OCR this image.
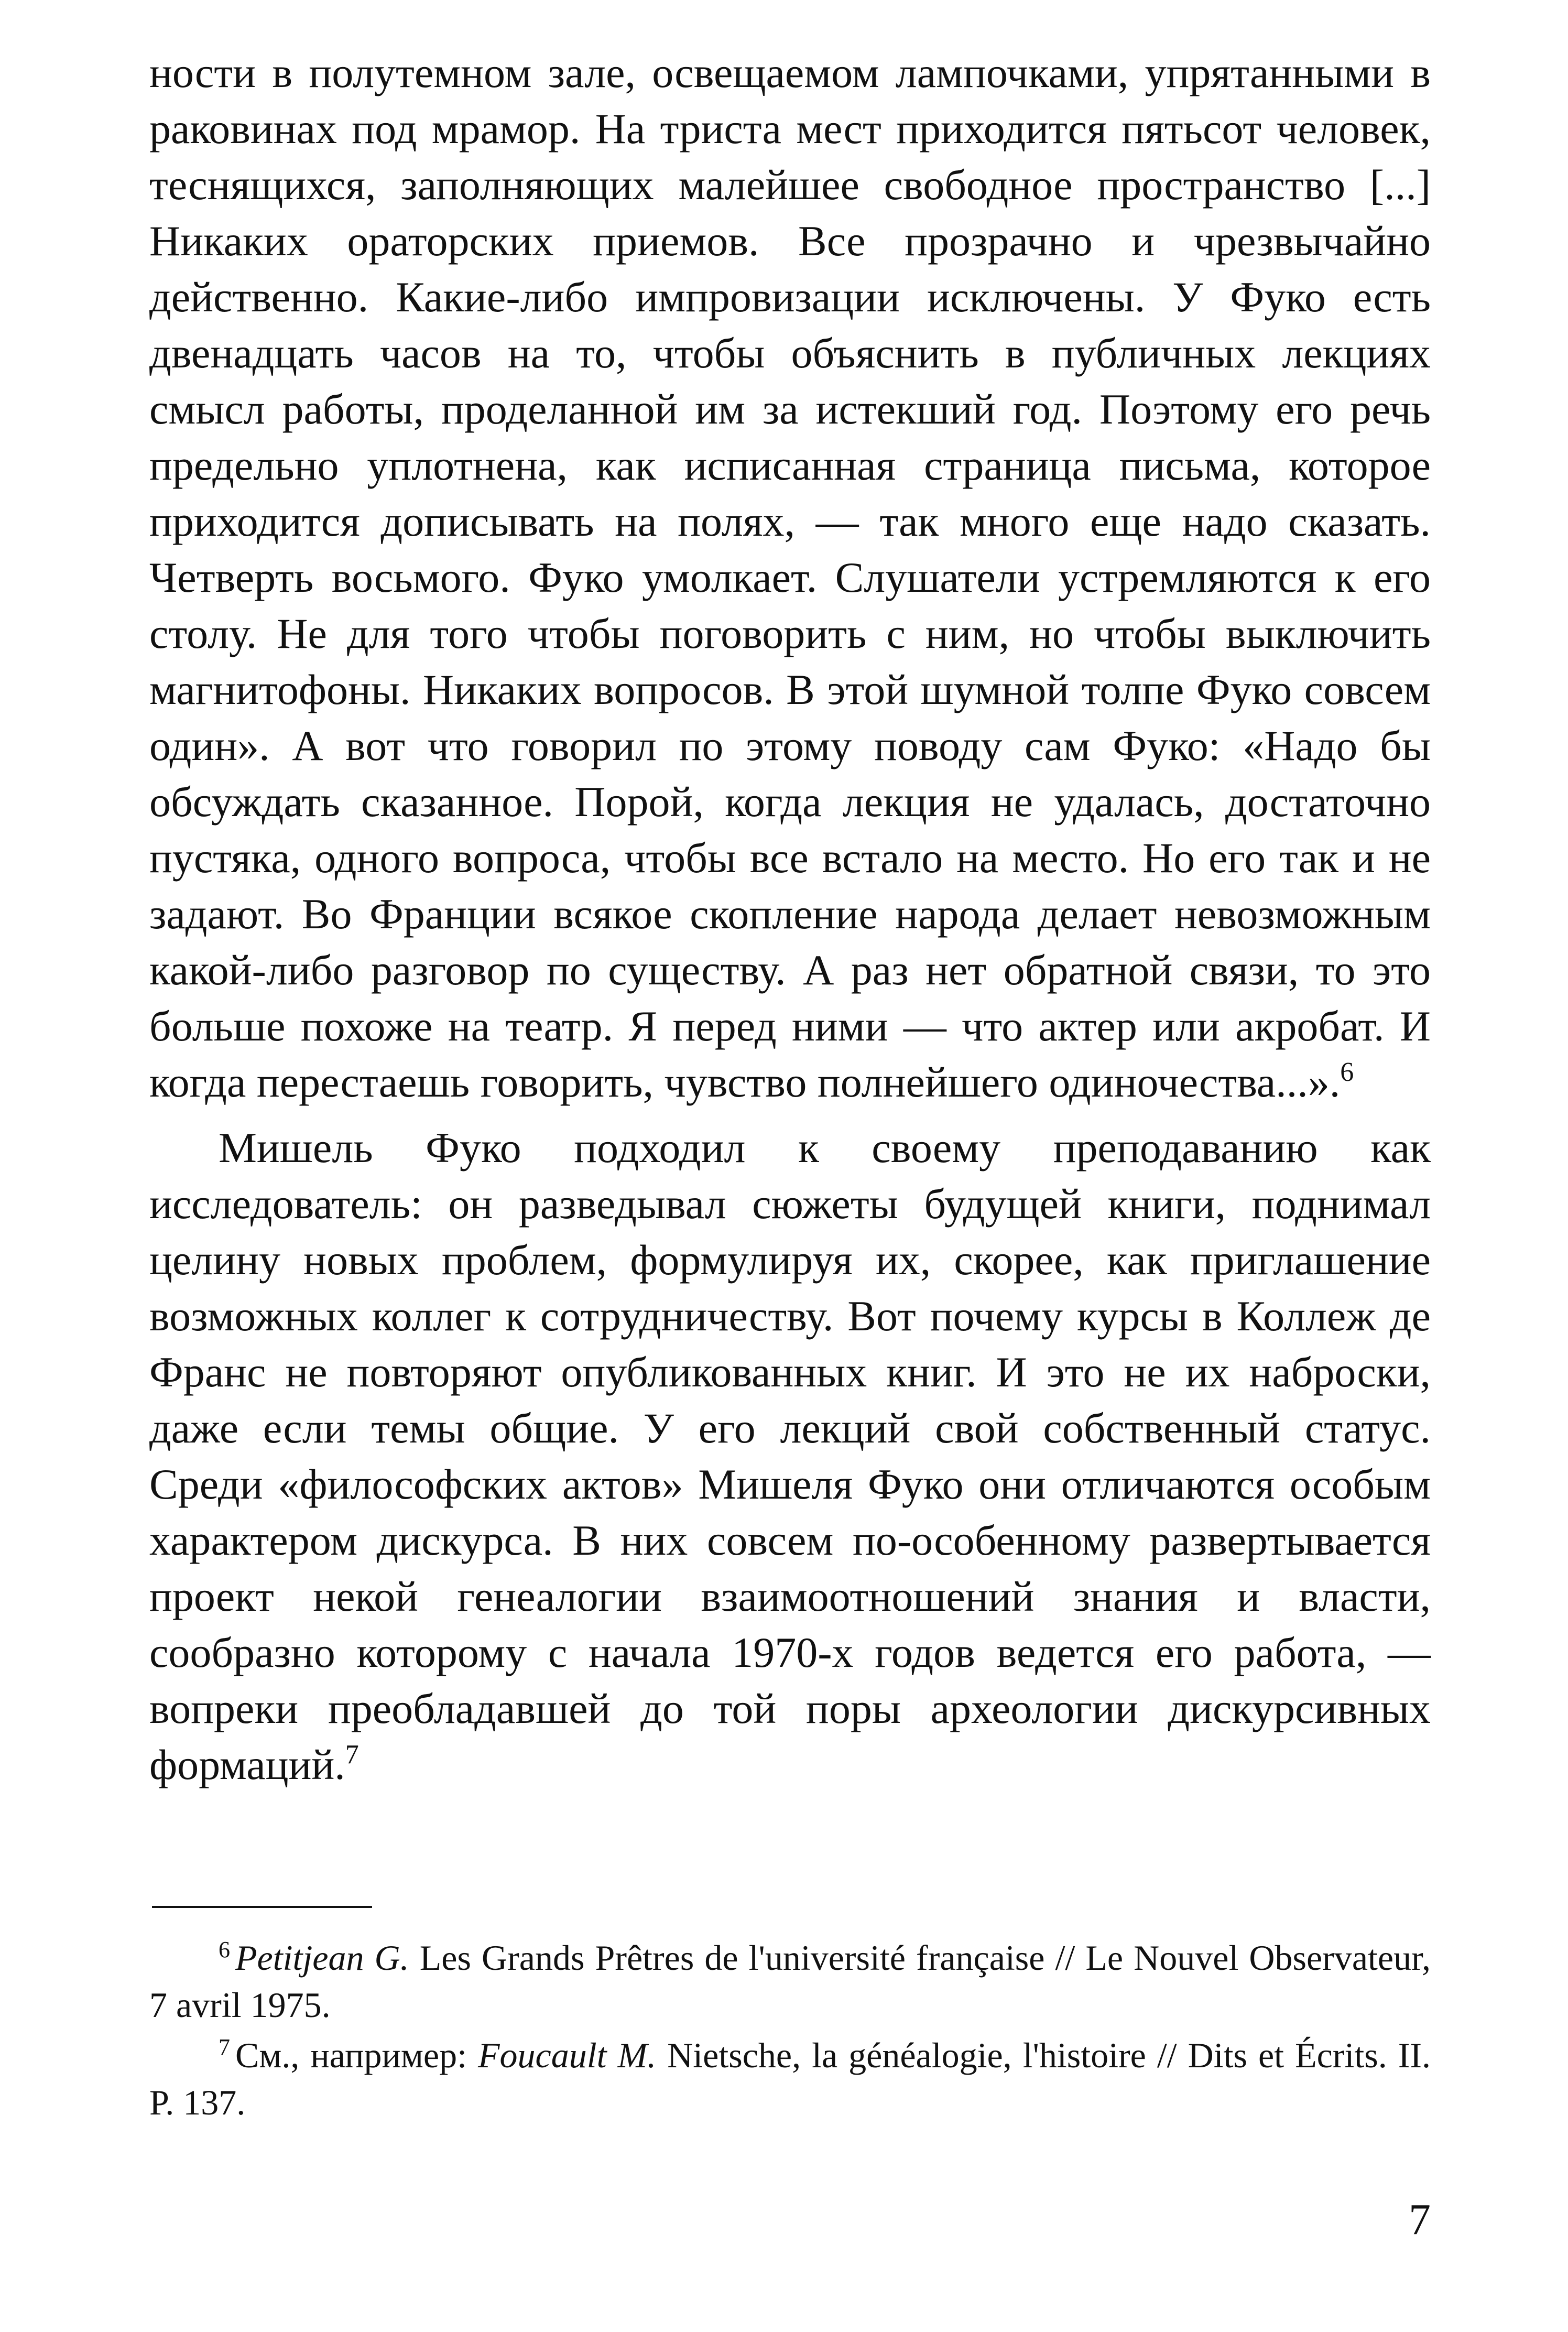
ности в полутемном зале, освещаемом лампочками, упрятанными в раковинах под мрамор. На триста мест приходится пятьсот человек, теснящихся, заполняющих малейшее свободное пространство [...] Никаких ораторских приемов. Все прозрачно и чрезвычайно действенно. Какие-либо импровизации исключены. У Фуко есть двенадцать часов на то, чтобы объяснить в публичных лекциях смысл работы, проделанной им за истекший год. Поэтому его речь предельно уплотнена, как исписанная страница письма, которое приходится дописывать на полях, — так много еще надо сказать. Четверть восьмого. Фуко умолкает. Слушатели устремляются к его столу. Не для того чтобы поговорить с ним, но чтобы выключить магнитофоны. Никаких вопросов. В этой шумной толпе Фуко совсем один». А вот что говорил по этому поводу сам Фуко: «Надо бы обсуждать сказанное. Порой, когда лекция не удалась, достаточно пустяка, одного вопроса, чтобы все встало на место. Но его так и не задают. Во Франции всякое скопление народа делает невозможным какой-либо разговор по существу. А раз нет обратной связи, то это больше похоже на театр. Я перед ними — что актер или акробат. И когда перестаешь говорить, чувство полнейшего одиночества...».$^6$

Мишель Фуко подходил к своему преподаванию как исследователь: он разведывал сюжеты будущей книги, поднимал целину новых проблем, формулируя их, скорее, как приглашение возможных коллег к сотрудничеству. Вот почему курсы в Коллеж де Франс не повторяют опубликованных книг. И это не их наброски, даже если темы общие. У его лекций свой собственный статус. Среди «философских актов» Мишеля Фуко они отличаются особым характером дискурса. В них совсем по-особенному развертывается проект некой генеалогии взаимоотношений знания и власти, сообразно которому с начала 1970-х годов ведется его работа, — вопреки преобладавшей до той поры археологии дискурсивных формаций.$^7$

$^6$ Petitjean G. Les Grands Prêtres de l'université française // Le Nouvel Observateur, 7 avril 1975.

$^7$ См., например: Foucault M. Nietsche, la généalogie, l'histoire // Dits et Écrits. II. P. 137.

7
